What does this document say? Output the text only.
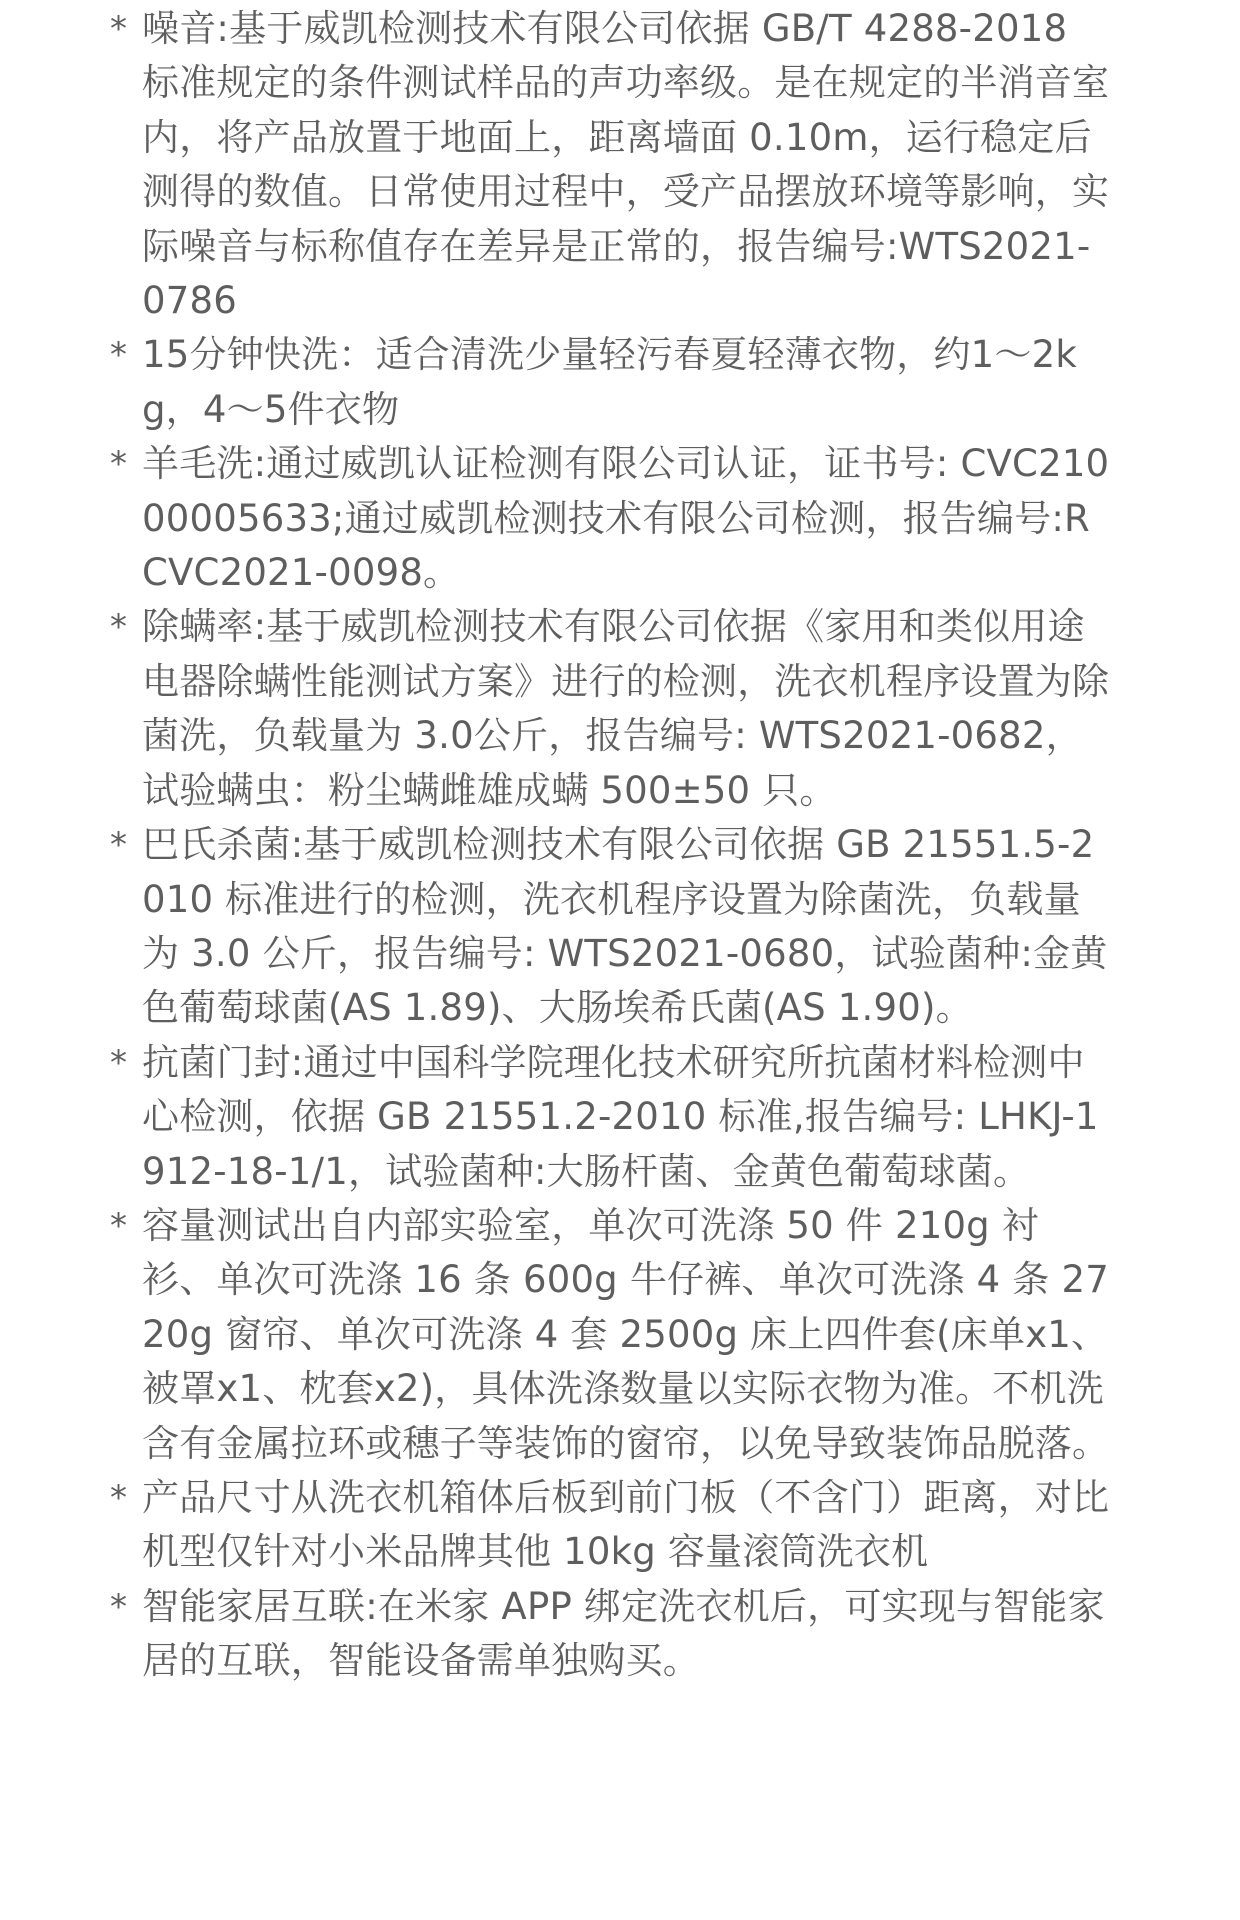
* 噪音:基于威凯检测技术有限公司依据 GB/T 4288-2018 标准规定的条件测试样品的声功率级。是在规定的半消音室内，将产品放置于地面上，距离墙面 0.10m，运行稳定后测得的数值。日常使用过程中，受产品摆放环境等影响，实际噪音与标称值存在差异是正常的，报告编号:WTS2021-0786
* 15分钟快洗：适合清洗少量轻污春夏轻薄衣物，约1～2kg，4～5件衣物
* 羊毛洗:通过威凯认证检测有限公司认证，证书号: CVC21000005633;通过威凯检测技术有限公司检测，报告编号:RCVC2021-0098。
* 除螨率:基于威凯检测技术有限公司依据《家用和类似用途电器除螨性能测试方案》进行的检测，洗衣机程序设置为除菌洗，负载量为 3.0公斤，报告编号: WTS2021-0682，试验螨虫：粉尘螨雌雄成螨 500±50 只。
* 巴氏杀菌:基于威凯检测技术有限公司依据 GB 21551.5-2010 标准进行的检测，洗衣机程序设置为除菌洗，负载量为 3.0 公斤，报告编号: WTS2021-0680，试验菌种:金黄色葡萄球菌(AS 1.89)、大肠埃希氏菌(AS 1.90)。
* 抗菌门封:通过中国科学院理化技术研究所抗菌材料检测中心检测，依据 GB 21551.2-2010 标准,报告编号: LHKJ-1912-18-1/1，试验菌种:大肠杆菌、金黄色葡萄球菌。
* 容量测试出自内部实验室，单次可洗涤 50 件 210g 衬衫、单次可洗涤 16 条 600g 牛仔裤、单次可洗涤 4 条 2720g 窗帘、单次可洗涤 4 套 2500g 床上四件套(床单x1、被罩x1、枕套x2)，具体洗涤数量以实际衣物为准。不机洗含有金属拉环或穗子等装饰的窗帘，以免导致装饰品脱落。
* 产品尺寸从洗衣机箱体后板到前门板（不含门）距离，对比机型仅针对小米品牌其他 10kg 容量滚筒洗衣机
* 智能家居互联:在米家 APP 绑定洗衣机后，可实现与智能家居的互联，智能设备需单独购买。
